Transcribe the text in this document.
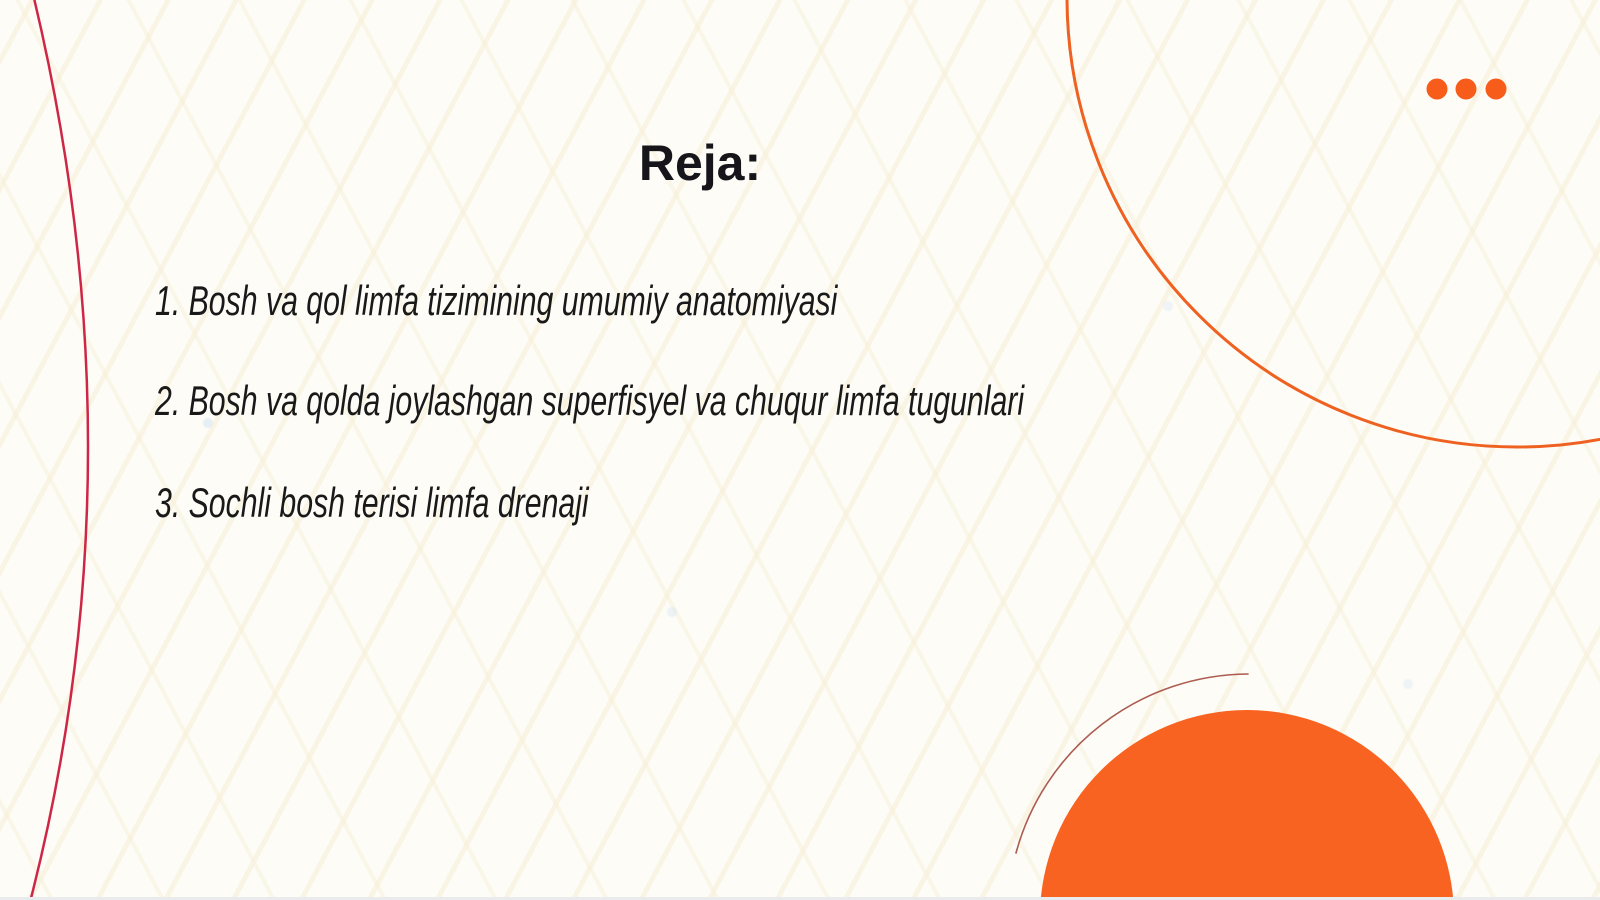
Reja:
1. Bosh va qol limfa tizimining umumiy anatomiyasi
2. Bosh va qolda joylashgan superfisyel va chuqur limfa tugunlari
3. Sochli bosh terisi limfa drenaji
